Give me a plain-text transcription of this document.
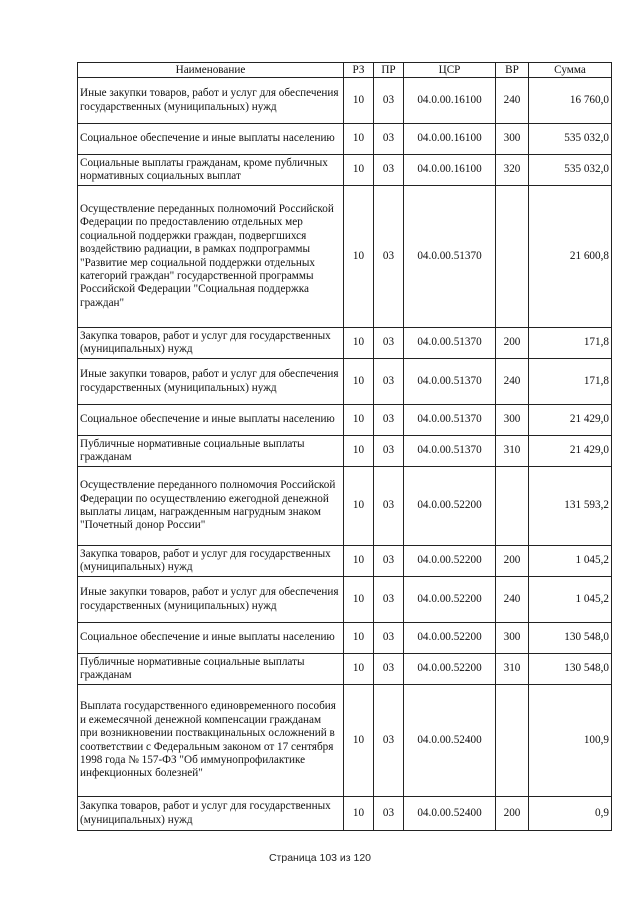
Наименование	РЗ	ПР	ЦСР	ВР	Сумма
Иные закупки товаров, работ и услуг для обеспечения государственных (муниципальных) нужд	10	03	04.0.00.16100	240	16 760,0
Социальное обеспечение и иные выплаты населению	10	03	04.0.00.16100	300	535 032,0
Социальные выплаты гражданам, кроме публичных нормативных социальных выплат	10	03	04.0.00.16100	320	535 032,0
Осуществление переданных полномочий Российской Федерации по предоставлению отдельных мер социальной поддержки граждан, подвергшихся воздействию радиации, в рамках подпрограммы "Развитие мер социальной поддержки отдельных категорий граждан" государственной программы Российской Федерации "Социальная поддержка граждан"	10	03	04.0.00.51370		21 600,8
Закупка товаров, работ и услуг для государственных (муниципальных) нужд	10	03	04.0.00.51370	200	171,8
Иные закупки товаров, работ и услуг для обеспечения государственных (муниципальных) нужд	10	03	04.0.00.51370	240	171,8
Социальное обеспечение и иные выплаты населению	10	03	04.0.00.51370	300	21 429,0
Публичные нормативные социальные выплаты гражданам	10	03	04.0.00.51370	310	21 429,0
Осуществление переданного полномочия Российской Федерации по осуществлению ежегодной денежной выплаты лицам, награжденным нагрудным знаком "Почетный донор России"	10	03	04.0.00.52200		131 593,2
Закупка товаров, работ и услуг для государственных (муниципальных) нужд	10	03	04.0.00.52200	200	1 045,2
Иные закупки товаров, работ и услуг для обеспечения государственных (муниципальных) нужд	10	03	04.0.00.52200	240	1 045,2
Социальное обеспечение и иные выплаты населению	10	03	04.0.00.52200	300	130 548,0
Публичные нормативные социальные выплаты гражданам	10	03	04.0.00.52200	310	130 548,0
Выплата государственного единовременного пособия и ежемесячной денежной компенсации гражданам при возникновении поствакцинальных осложнений в соответствии с Федеральным законом от 17 сентября 1998 года № 157-ФЗ "Об иммунопрофилактике инфекционных болезней"	10	03	04.0.00.52400		100,9
Закупка товаров, работ и услуг для государственных (муниципальных) нужд	10	03	04.0.00.52400	200	0,9
Страница 103 из 120
